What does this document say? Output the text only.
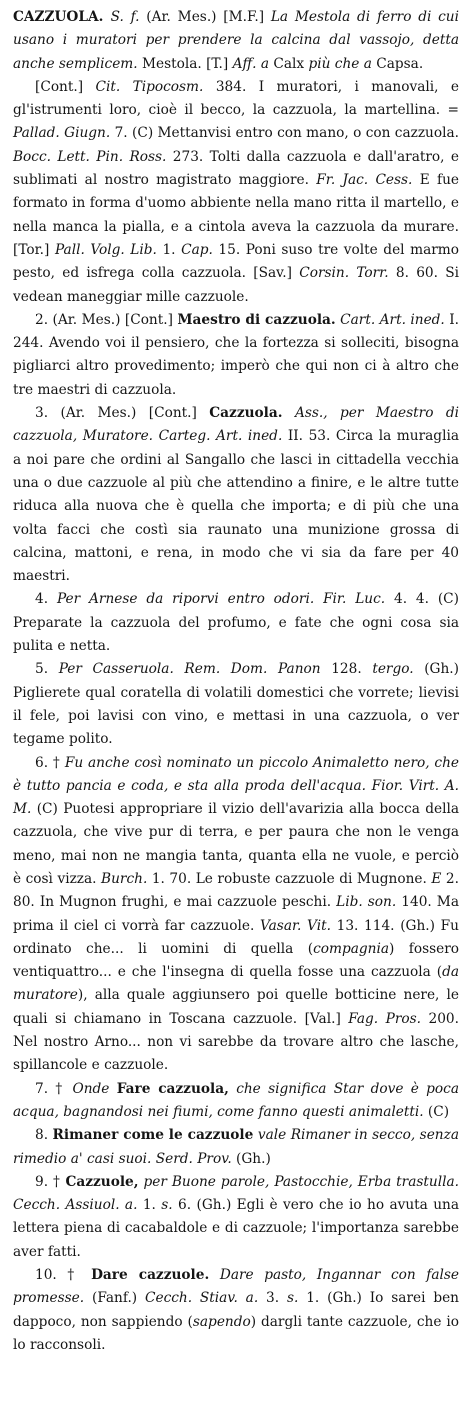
CAZZUOLA. S. f. (Ar. Mes.) [M.F.] La Mestola di ferro di cui usano i muratori per prendere la calcina dal vassojo, detta anche semplicem. Mestola. [T.] Aff. a Calx più che a Capsa.

[Cont.] Cit. Tipocosm. 384. I muratori, i manovali, e gl'istrumenti loro, cioè il becco, la cazzuola, la martellina. = Pallad. Giugn. 7. (C) Mettanvisi entro con mano, o con cazzuola. Bocc. Lett. Pin. Ross. 273. Tolti dalla cazzuola e dall'aratro, e sublimati al nostro magistrato maggiore. Fr. Jac. Cess. E fue formato in forma d'uomo abbiente nella mano ritta il martello, e nella manca la pialla, e a cintola aveva la cazzuola da murare. [Tor.] Pall. Volg. Lib. 1. Cap. 15. Poni suso tre volte del marmo pesto, ed isfrega colla cazzuola. [Sav.] Corsin. Torr. 8. 60. Si vedean maneggiar mille cazzuole.

2. (Ar. Mes.) [Cont.] Maestro di cazzuola. Cart. Art. ined. I. 244. Avendo voi il pensiero, che la fortezza si solleciti, bisogna pigliarci altro provedimento; imperò che qui non ci à altro che tre maestri di cazzuola.

3. (Ar. Mes.) [Cont.] Cazzuola. Ass., per Maestro di cazzuola, Muratore. Carteg. Art. ined. II. 53. Circa la muraglia a noi pare che ordini al Sangallo che lasci in cittadella vecchia una o due cazzuole al più che attendino a finire, e le altre tutte riduca alla nuova che è quella che importa; e di più che una volta facci che costì sia raunato una munizione grossa di calcina, mattoni, e rena, in modo che vi sia da fare per 40 maestri.

4. Per Arnese da riporvi entro odori. Fir. Luc. 4. 4. (C) Preparate la cazzuola del profumo, e fate che ogni cosa sia pulita e netta.

5. Per Casseruola. Rem. Dom. Panon 128. tergo. (Gh.) Piglierete qual coratella di volatili domestici che vorrete; lievisi il fele, poi lavisi con vino, e mettasi in una cazzuola, o ver tegame polito.

6. † Fu anche così nominato un piccolo Animaletto nero, che è tutto pancia e coda, e sta alla proda dell'acqua. Fior. Virt. A. M. (C) Puotesi appropriare il vizio dell'avarizia alla bocca della cazzuola, che vive pur di terra, e per paura che non le venga meno, mai non ne mangia tanta, quanta ella ne vuole, e perciò è così vizza. Burch. 1. 70. Le robuste cazzuole di Mugnone. E 2. 80. In Mugnon frughi, e mai cazzuole peschi. Lib. son. 140. Ma prima il ciel ci vorrà far cazzuole. Vasar. Vit. 13. 114. (Gh.) Fu ordinato che... li uomini di quella (compagnia) fossero ventiquattro... e che l'insegna di quella fosse una cazzuola (da muratore), alla quale aggiunsero poi quelle botticine nere, le quali si chiamano in Toscana cazzuole. [Val.] Fag. Pros. 200. Nel nostro Arno... non vi sarebbe da trovare altro che lasche, spillancole e cazzuole.

7. † Onde Fare cazzuola, che significa Star dove è poca acqua, bagnandosi nei fiumi, come fanno questi animaletti. (C)

8. Rimaner come le cazzuole vale Rimaner in secco, senza rimedio a' casi suoi. Serd. Prov. (Gh.)

9. † Cazzuole, per Buone parole, Pastocchie, Erba trastulla. Cecch. Assiuol. a. 1. s. 6. (Gh.) Egli è vero che io ho avuta una lettera piena di cacabaldole e di cazzuole; l'importanza sarebbe aver fatti.

10. † Dare cazzuole. Dare pasto, Ingannar con false promesse. (Fanf.) Cecch. Stiav. a. 3. s. 1. (Gh.) Io sarei ben dappoco, non sappiendo (sapendo) dargli tante cazzuole, che io lo racconsoli.
